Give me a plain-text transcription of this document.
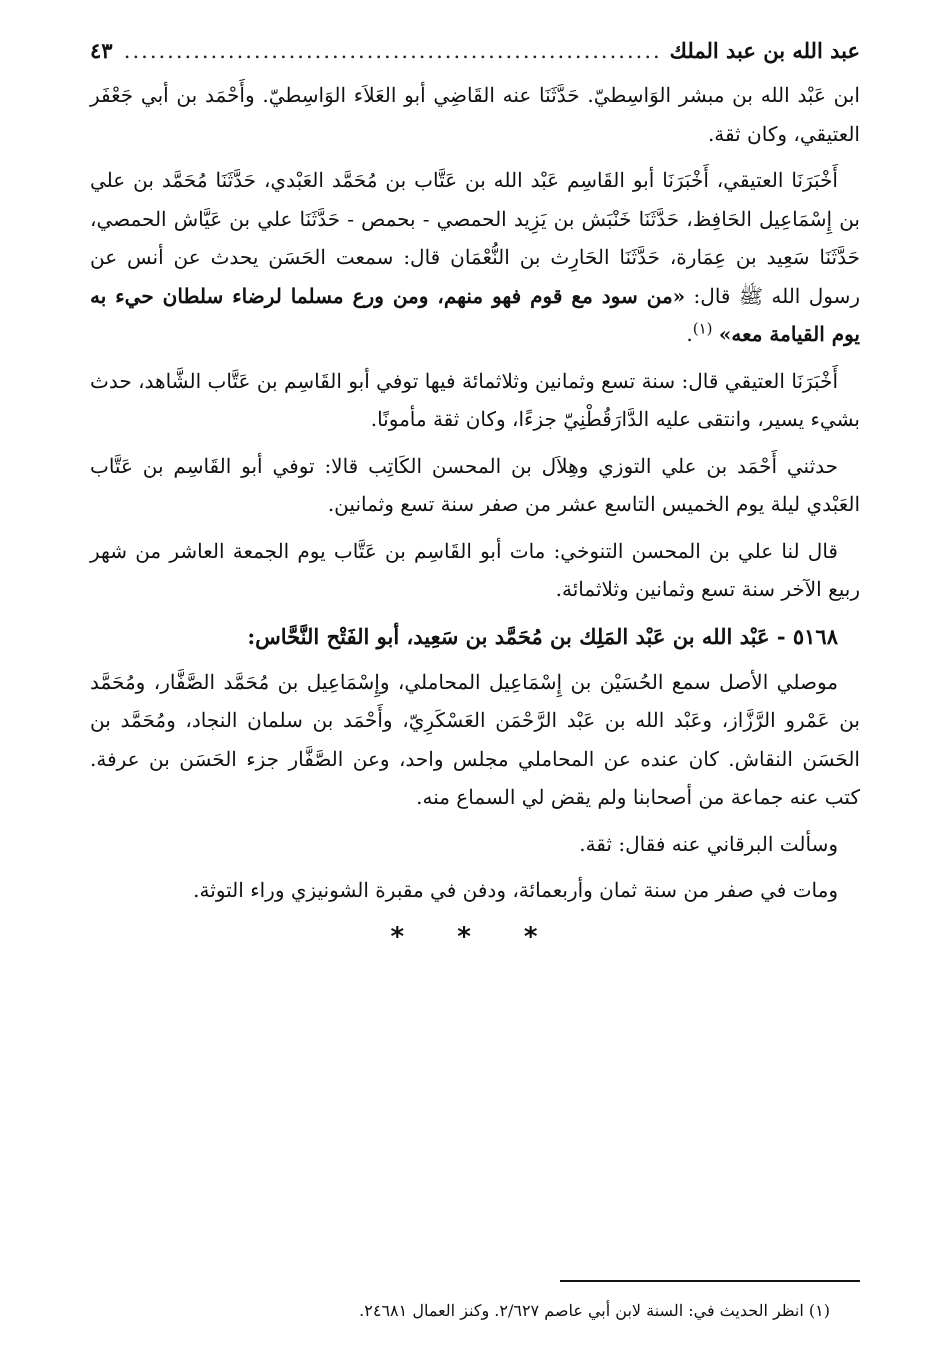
عبد الله بن عبد الملك
.....
٤٣

ابن عَبْد الله بن مبشر الوَاسِطيّ. حَدَّثَنَا عنه القَاضِي أبو العَلاَء الوَاسِطيّ. وأَحْمَد بن أبي جَعْفَر العتيقي، وكان ثقة.

أَخْبَرَنَا العتيقي، أَخْبَرَنَا أبو القَاسِم عَبْد الله بن عَتَّاب بن مُحَمَّد العَبْدي، حَدَّثَنَا مُحَمَّد بن علي بن إِسْمَاعِيل الحَافِظ، حَدَّثَنَا خَنْبَش بن يَزِيد الحمصي - بحمص - حَدَّثَنَا علي بن عَيَّاش الحمصي، حَدَّثَنَا سَعِيد بن عِمَارة، حَدَّثَنَا الحَارِث بن النُّعْمَان قال: سمعت الحَسَن يحدث عن أنس عن رسول الله ﷺ قال: «من سود مع قوم فهو منهم، ومن ورع مسلما لرضاء سلطان حيء به يوم القيامة معه» $^{(١)}$.

أَخْبَرَنَا العتيقي قال: سنة تسع وثمانين وثلاثمائة فيها توفي أبو القَاسِم بن عَتَّاب الشَّاهد، حدث بشيء يسير، وانتقى عليه الدَّارَقُطْنِيّ جزءًا، وكان ثقة مأمونًا.

حدثني أَحْمَد بن علي التوزي وهِلاَل بن المحسن الكَاتِب قالا: توفي أبو القَاسِم بن عَتَّاب العَبْدي ليلة يوم الخميس التاسع عشر من صفر سنة تسع وثمانين.

قال لنا علي بن المحسن التنوخي: مات أبو القَاسِم بن عَتَّاب يوم الجمعة العاشر من شهر ربيع الآخر سنة تسع وثمانين وثلاثمائة.

٥١٦٨ - عَبْد الله بن عَبْد المَلِك بن مُحَمَّد بن سَعِيد، أبو الفَتْح النَّحَّاس:

موصلي الأصل سمع الحُسَيْن بن إِسْمَاعِيل المحاملي، وإِسْمَاعِيل بن مُحَمَّد الصَّفَّار، ومُحَمَّد بن عَمْرو الرَّزَّاز، وعَبْد الله بن عَبْد الرَّحْمَن العَسْكَرِيّ، وأَحْمَد بن سلمان النجاد، ومُحَمَّد بن الحَسَن النقاش. كان عنده عن المحاملي مجلس واحد، وعن الصَّفَّار جزء الحَسَن بن عرفة. كتب عنه جماعة من أصحابنا ولم يقض لي السماع منه.

وسألت البرقاني عنه فقال: ثقة.

ومات في صفر من سنة ثمان وأربعمائة، ودفن في مقبرة الشونيزي وراء التوثة.

* * *
(١) انظر الحديث في: السنة لابن أبي عاصم ٢/٦٢٧. وكنز العمال ٢٤٦٨١.
